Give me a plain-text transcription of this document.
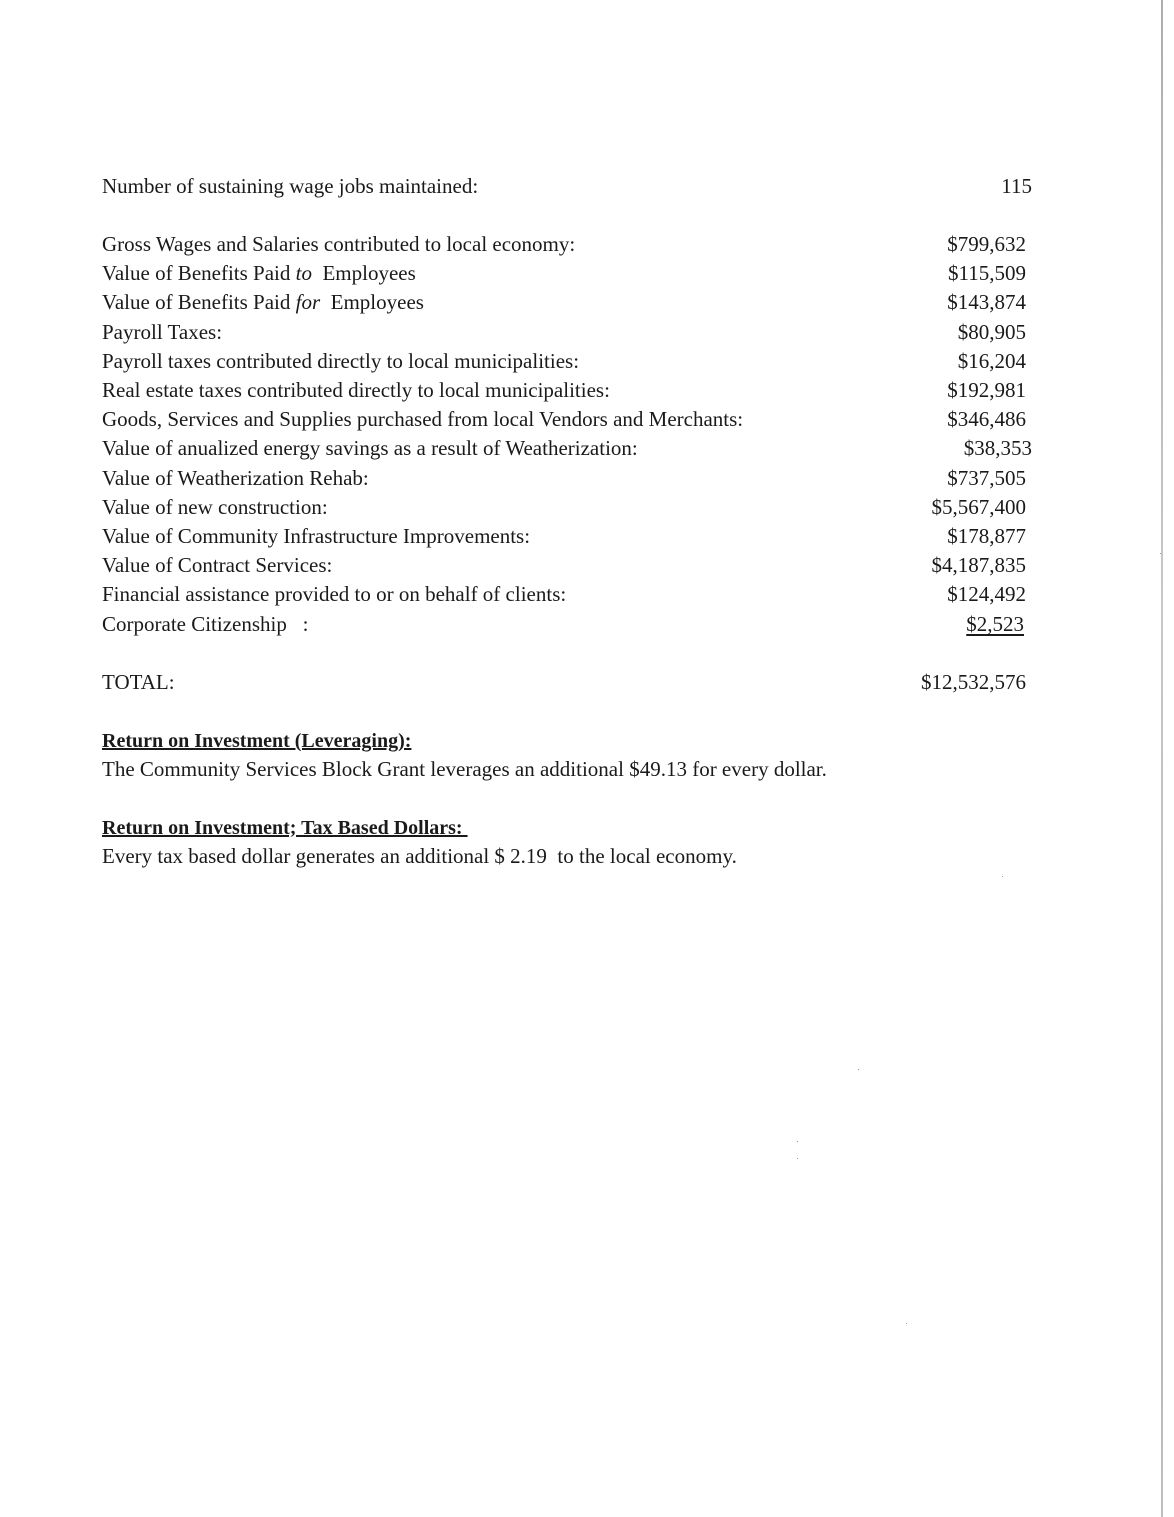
Number of sustaining wage jobs maintained:	115
Gross Wages and Salaries contributed to local economy:	$799,632
Value of Benefits Paid to  Employees	$115,509
Value of Benefits Paid for  Employees	$143,874
Payroll Taxes:	$80,905
Payroll taxes contributed directly to local municipalities:	$16,204
Real estate taxes contributed directly to local municipalities:	$192,981
Goods, Services and Supplies purchased from local Vendors and Merchants:	$346,486
Value of anualized energy savings as a result of Weatherization:	$38,353
Value of Weatherization Rehab:	$737,505
Value of new construction:	$5,567,400
Value of Community Infrastructure Improvements:	$178,877
Value of Contract Services:	$4,187,835
Financial assistance provided to or on behalf of clients:	$124,492
Corporate Citizenship   :	$2,523
TOTAL:	$12,532,576
Return on Investment (Leveraging):
The Community Services Block Grant leverages an additional $49.13 for every dollar.
Return on Investment; Tax Based Dollars:
Every tax based dollar generates an additional $ 2.19  to the local economy.
